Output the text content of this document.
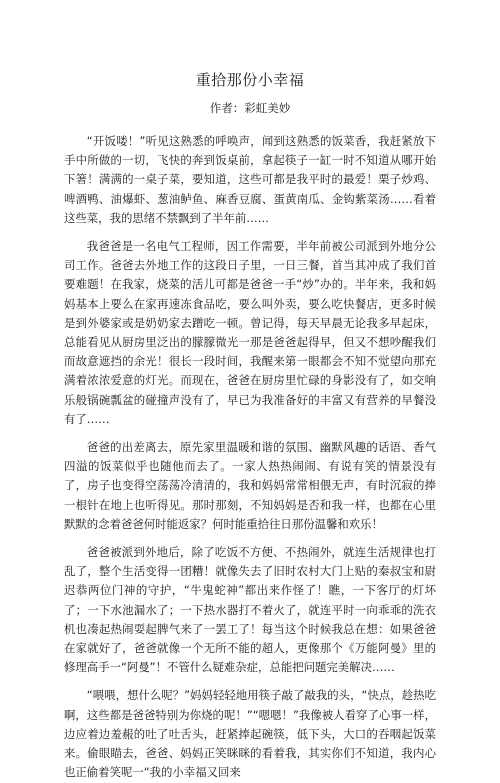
重拾那份小幸福
作者：彩虹美妙

“开饭喽！”听见这熟悉的呼唤声，闻到这熟悉的饭菜香，我赶紧放下手中所做的一切，飞快的奔到饭桌前，拿起筷子一缸一时不知道从哪开始下箸！满满的一桌子菜，要知道，这些可都是我平时的最爱！栗子炒鸡、啤酒鸭、油爆虾、葱油鲈鱼、麻香豆腐、蛋黄南瓜、金钩紫菜汤……看着这些菜，我的思绪不禁飘到了半年前……

我爸爸是一名电气工程师，因工作需要，半年前被公司派到外地分公司工作。爸爸去外地工作的这段日子里，一日三餐，首当其冲成了我们首要难题！在我家，烧菜的活儿可都是爸爸一手“炒”办的。半年来，我和妈妈基本上要么在家再速冻食品吃，要么叫外卖，要么吃快餐店，更多时候是到外婆家或是奶奶家去蹭吃一顿。曾记得，每天早晨无论我多早起床，总能看见从厨房里泛出的朦朦微光一那是爸爸起得早，但又不想吵醒我们而故意遮挡的余光！很长一段时间，我醒来第一眼都会不知不觉望向那充满着浓浓爱意的灯光。而现在，爸爸在厨房里忙碌的身影没有了，如交响乐般锅碗瓢盆的碰撞声没有了，早已为我准备好的丰富又有营养的早餐没有了……

爸爸的出差离去，原先家里温暖和谐的氛围、幽默风趣的话语、香气四溢的饭菜似乎也随他而去了。一家人热热闹闹、有说有笑的情景没有了，房子也变得空荡荡冷清清的，我和妈妈常常相偎无声，有时沉寂的捧一根针在地上也听得见。那时那刻，不知妈妈是否和我一样，也都在心里默默的念着爸爸何时能返家？何时能重拾往日那份温馨和欢乐！

爸爸被派到外地后，除了吃饭不方便、不热闹外，就连生活规律也打乱了，整个生活变得一团糟！就像失去了旧时农村大门上贴的秦叔宝和尉迟恭两位门神的守护，“牛鬼蛇神”都出来作怪了！瞧，一下客厅的灯坏了；一下水池漏水了；一下热水器打不着火了，就连平时一向乖乖的洗衣机也凑起热闹耍起脾气来了一罢工了！每当这个时候我总在想：如果爸爸在家就好了，爸爸就像一个无所不能的超人，更像那个《万能阿曼》里的修理高手一“阿曼”！不管什么疑难杂症，总能把问题完美解决……

“喂喂，想什么呢？”妈妈轻轻地用筷子敲了敲我的头，“快点，趁热吃啊，这些都是爸爸特别为你烧的呢！”“嗯嗯！”我像被人看穿了心事一样，边应着边羞赧的吐了吐舌头，赶紧捧起碗筷，低下头，大口的吞咽起饭菜来。偷眼瞄去，爸爸、妈妈正笑眯眯的看着我，其实你们不知道，我内心也正偷着笑呢一“我的小幸福又回来
